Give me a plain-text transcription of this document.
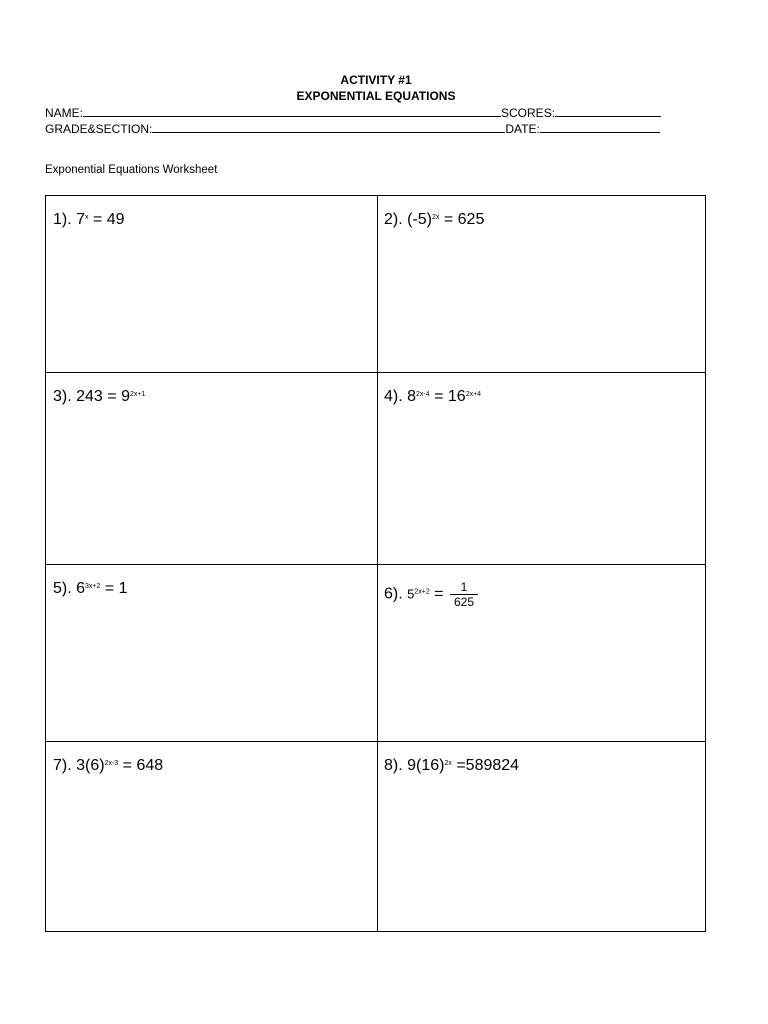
ACTIVITY #1
EXPONENTIAL EQUATIONS
NAME:	SCORES:
GRADE&SECTION:	DATE:
Exponential Equations Worksheet
1). $7^x = 49$	2). $(-5)^{2x} = 625$
3). $243 = 9^{2x+1}$	4). $8^{2x-4} = 16^{2x+4}$
5). $6^{3x+2} = 1$	6). $5^{2x+2} = \frac{1}{625}$
7). $3(6)^{2x-3} = 648$	8). $9(16)^{2x} =589824$
